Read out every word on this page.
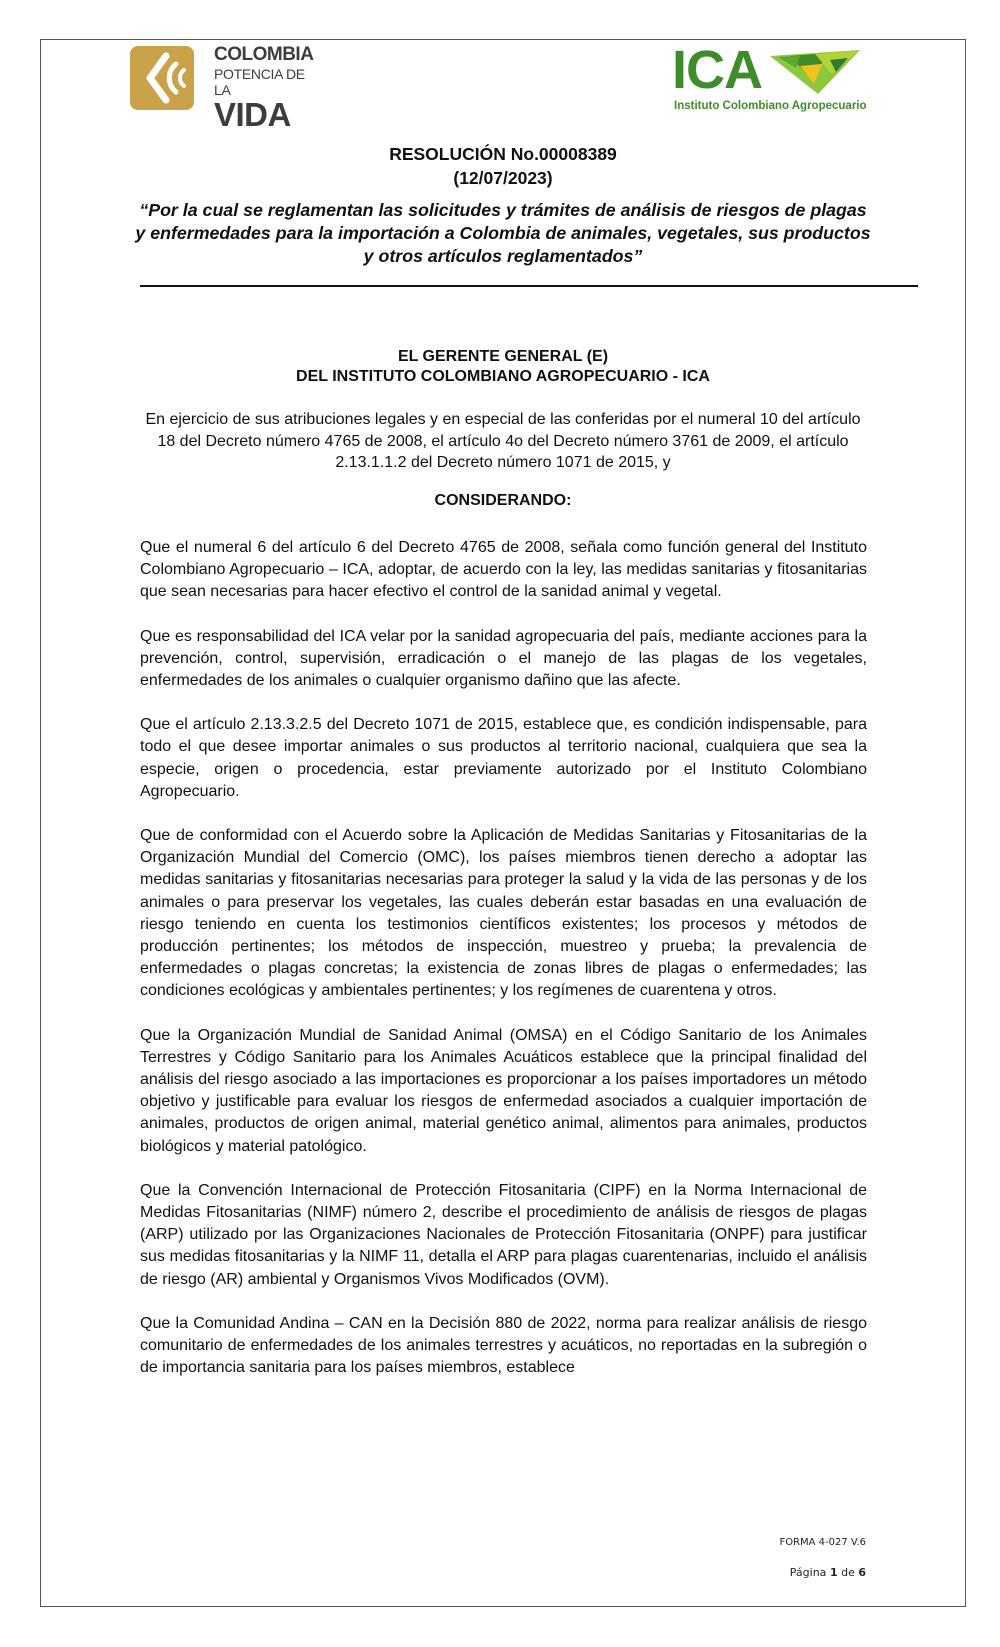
COLOMBIA
POTENCIA DE LA
VIDA
ICA
Instituto Colombiano Agropecuario
RESOLUCIÓN No.00008389
(12/07/2023)
“Por la cual se reglamentan las solicitudes y trámites de análisis de riesgos de plagas y enfermedades para la importación a Colombia de animales, vegetales, sus productos y otros artículos reglamentados”
EL GERENTE GENERAL (E)
DEL INSTITUTO COLOMBIANO AGROPECUARIO - ICA
En ejercicio de sus atribuciones legales y en especial de las conferidas por el numeral 10 del artículo 18 del Decreto número 4765 de 2008, el artículo 4o del Decreto número 3761 de 2009, el artículo 2.13.1.1.2 del Decreto número 1071 de 2015, y
CONSIDERANDO:

Que el numeral 6 del artículo 6 del Decreto 4765 de 2008, señala como función general del Instituto Colombiano Agropecuario – ICA, adoptar, de acuerdo con la ley, las medidas sanitarias y fitosanitarias que sean necesarias para hacer efectivo el control de la sanidad animal y vegetal.

Que es responsabilidad del ICA velar por la sanidad agropecuaria del país, mediante acciones para la prevención, control, supervisión, erradicación o el manejo de las plagas de los vegetales, enfermedades de los animales o cualquier organismo dañino que las afecte.

Que el artículo 2.13.3.2.5 del Decreto 1071 de 2015, establece que, es condición indispensable, para todo el que desee importar animales o sus productos al territorio nacional, cualquiera que sea la especie, origen o procedencia, estar previamente autorizado por el Instituto Colombiano Agropecuario.

Que de conformidad con el Acuerdo sobre la Aplicación de Medidas Sanitarias y Fitosanitarias de la Organización Mundial del Comercio (OMC), los países miembros tienen derecho a adoptar las medidas sanitarias y fitosanitarias necesarias para proteger la salud y la vida de las personas y de los animales o para preservar los vegetales, las cuales deberán estar basadas en una evaluación de riesgo teniendo en cuenta los testimonios científicos existentes; los procesos y métodos de producción pertinentes; los métodos de inspección, muestreo y prueba; la prevalencia de enfermedades o plagas concretas; la existencia de zonas libres de plagas o enfermedades; las condiciones ecológicas y ambientales pertinentes; y los regímenes de cuarentena y otros.

Que la Organización Mundial de Sanidad Animal (OMSA) en el Código Sanitario de los Animales Terrestres y Código Sanitario para los Animales Acuáticos establece que la principal finalidad del análisis del riesgo asociado a las importaciones es proporcionar a los países importadores un método objetivo y justificable para evaluar los riesgos de enfermedad asociados a cualquier importación de animales, productos de origen animal, material genético animal, alimentos para animales, productos biológicos y material patológico.

Que la Convención Internacional de Protección Fitosanitaria (CIPF) en la Norma Internacional de Medidas Fitosanitarias (NIMF) número 2, describe el procedimiento de análisis de riesgos de plagas (ARP) utilizado por las Organizaciones Nacionales de Protección Fitosanitaria (ONPF) para justificar sus medidas fitosanitarias y la NIMF 11, detalla el ARP para plagas cuarentenarias, incluido el análisis de riesgo (AR) ambiental y Organismos Vivos Modificados (OVM).

Que la Comunidad Andina – CAN en la Decisión 880 de 2022, norma para realizar análisis de riesgo comunitario de enfermedades de los animales terrestres y acuáticos, no reportadas en la subregión o de importancia sanitaria para los países miembros, establece

FORMA 4-027 V.6
Página 1 de 6
